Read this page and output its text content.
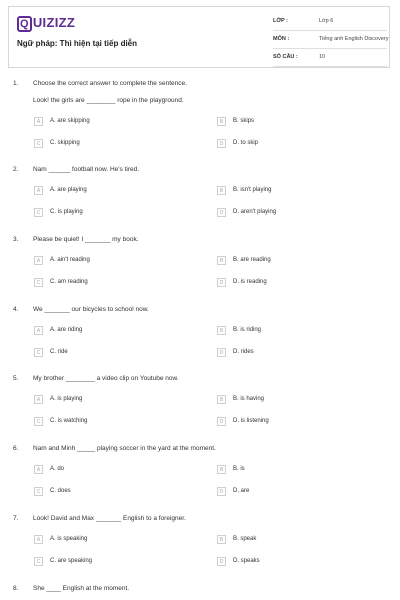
Q UIZIZZ
Ngữ pháp: Thì hiện tại tiếp diễn
LỚP :	Lớp 6
MÔN :	Tiếng anh English Discovery
SỐ CÂU :	10
1. Choose the correct answer to complete the sentence.
Look! the girls are ________ rope in the playground.
A	A. are skipping	B	B. skips
C	C. skipping	D	D. to skip
2. Nam ______ football now. He's tired.
A	A. are playing	B	B. isn't playing
C	C. is playing	D	D. aren't playing
3. Please be quiet! I _______ my book.
A	A. ain't reading	B	B. are reading
C	C. am reading	D	D. is reading
4. We _______ our bicycles to school now.
A	A. are riding	B	B. is riding
C	C. ride	D	D. rides
5. My brother ________ a video clip on Youtube now.
A	A. is playing	B	B. is having
C	C. is watching	D	D. is listening
6. Nam and Minh _____ playing soccer in the yard at the moment.
A	A. do	B	B. is
C	C. does	D	D. are
7. Look! David and Max _______ English to a foreigner.
A	A. is speaking	B	B. speak
C	C. are speaking	D	D. speaks
8. She ____ English at the moment.
